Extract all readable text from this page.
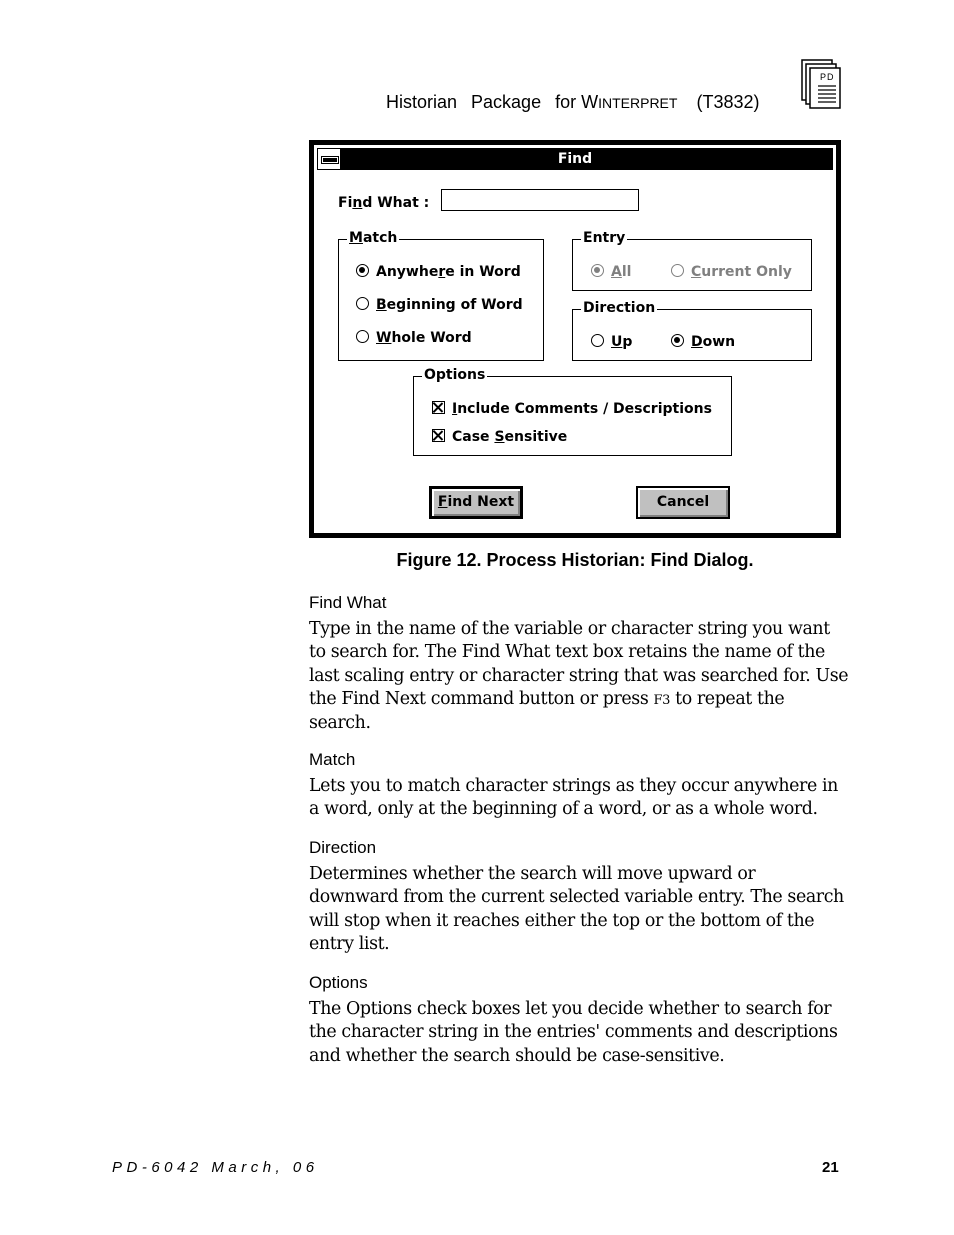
Historian Package for WINTERPRET (T3832)
PD
Find
Find What :
Match
Anywhere in Word
Beginning of Word
Whole Word
Entry
All	Current Only
Direction
Up	Down
Options
Include Comments / Descriptions
Case Sensitive
Find Next	Cancel
Figure 12. Process Historian: Find Dialog.
Find What

Type in the name of the variable or character string you want to search for. The Find What text box retains the name of the last scaling entry or character string that was searched for. Use the Find Next command button or press F3 to repeat the search.

Match

Lets you to match character strings as they occur anywhere in a word, only at the beginning of a word, or as a whole word.

Direction

Determines whether the search will move upward or downward from the current selected variable entry. The search will stop when it reaches either the top or the bottom of the entry list.

Options

The Options check boxes let you decide whether to search for the character string in the entries' comments and descriptions and whether the search should be case-sensitive.

PD-6042 March, 06	21
